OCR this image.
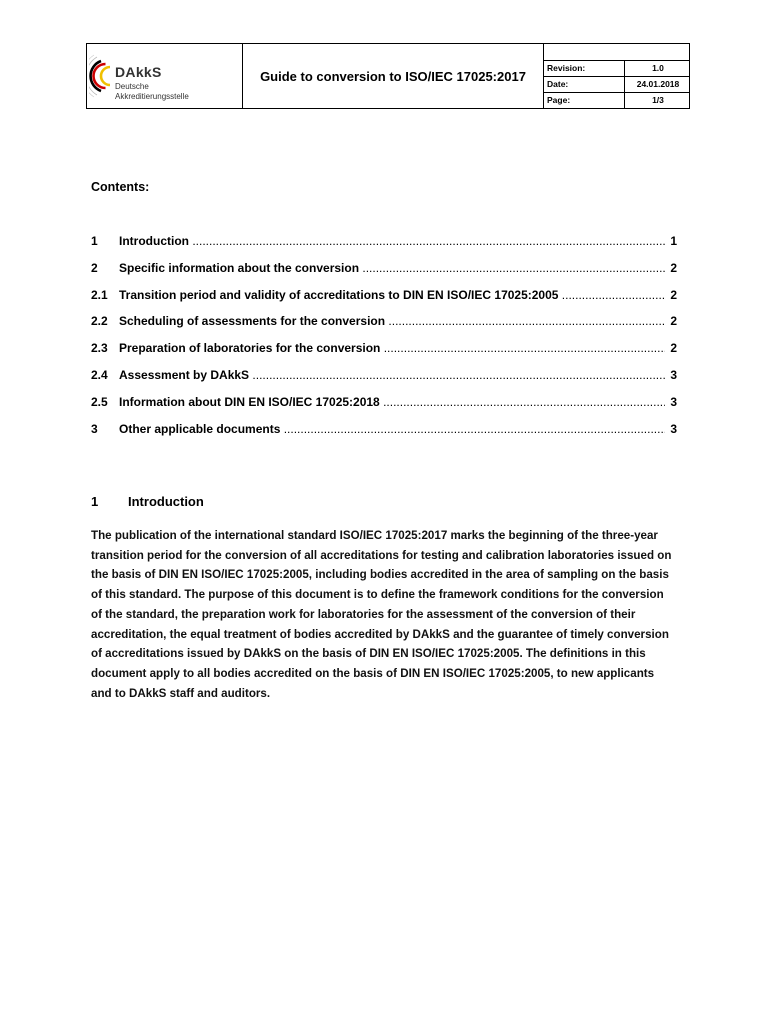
DAkkS
Deutsche
Akkreditierungsstelle
Guide to conversion to ISO/IEC 17025:2017
Revision:	1.0
Date:	24.01.2018
Page:	1/3
Contents:
1 Introduction .....	1
2 Specific information about the conversion .....	2
2.1 Transition period and validity of accreditations to DIN EN ISO/IEC 17025:2005 .....	2
2.2 Scheduling of assessments for the conversion .....	2
2.3 Preparation of laboratories for the conversion .....	2
2.4 Assessment by DAkkS .....	3
2.5 Information about DIN EN ISO/IEC 17025:2018 .....	3
3 Other applicable documents .....	3
1 Introduction
The publication of the international standard ISO/IEC 17025:2017 marks the beginning of the three-year transition period for the conversion of all accreditations for testing and calibration laboratories issued on the basis of DIN EN ISO/IEC 17025:2005, including bodies accredited in the area of sampling on the basis of this standard. The purpose of this document is to define the framework conditions for the conversion of the standard, the preparation work for laboratories for the assessment of the conversion of their accreditation, the equal treatment of bodies accredited by DAkkS and the guarantee of timely conversion of accreditations issued by DAkkS on the basis of DIN EN ISO/IEC 17025:2005. The definitions in this document apply to all bodies accredited on the basis of DIN EN ISO/IEC 17025:2005, to new applicants and to DAkkS staff and auditors.
